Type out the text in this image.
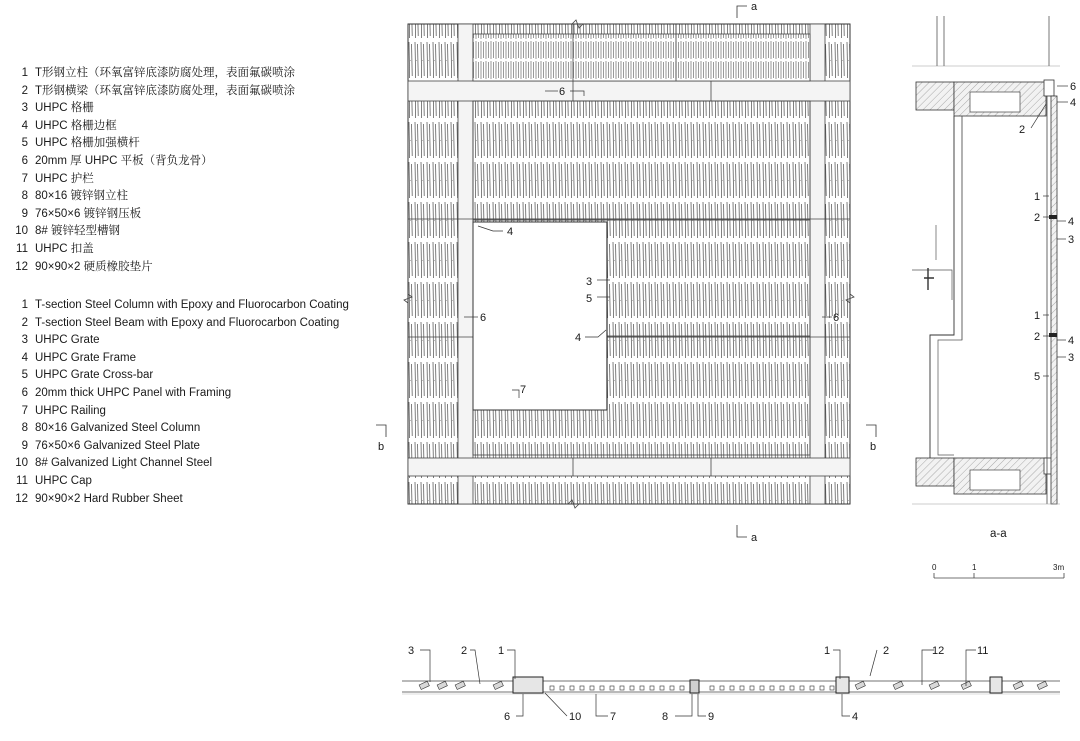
1 T形钢立柱（环氧富锌底漆防腐处理，表面氟碳喷涂
2 T形钢横梁（环氧富锌底漆防腐处理，表面氟碳喷涂
3 UHPC 格栅
4 UHPC 格栅边框
5 UHPC 格栅加强横杆
6 20mm 厚 UHPC 平板（背负龙骨）
7 UHPC 护栏
8 80×16 镀锌钢立柱
9 76×50×6 镀锌钢压板
10 8# 镀锌轻型槽钢
11 UHPC 扣盖
12 90×90×2 硬质橡胶垫片
1 T-section Steel Column with Epoxy and Fluorocarbon Coating
2 T-section Steel Beam with Epoxy and Fluorocarbon Coating
3 UHPC Grate
4 UHPC Grate Frame
5 UHPC Grate Cross-bar
6 20mm thick UHPC Panel with Framing
7 UHPC Railing
8 80×16 Galvanized Steel Column
9 76×50×6 Galvanized Steel Plate
10 8# Galvanized Light Channel Steel
11 UHPC Cap
12 90×90×2 Hard Rubber Sheet
a
a
b	b
6
4
3
5
4
6	6
7
6
4
2
1
2	4
3
1
2	4
3
5
a-a
0	1	3m
3	2	1	1	2	12	11
6	10	7	8	9	4
